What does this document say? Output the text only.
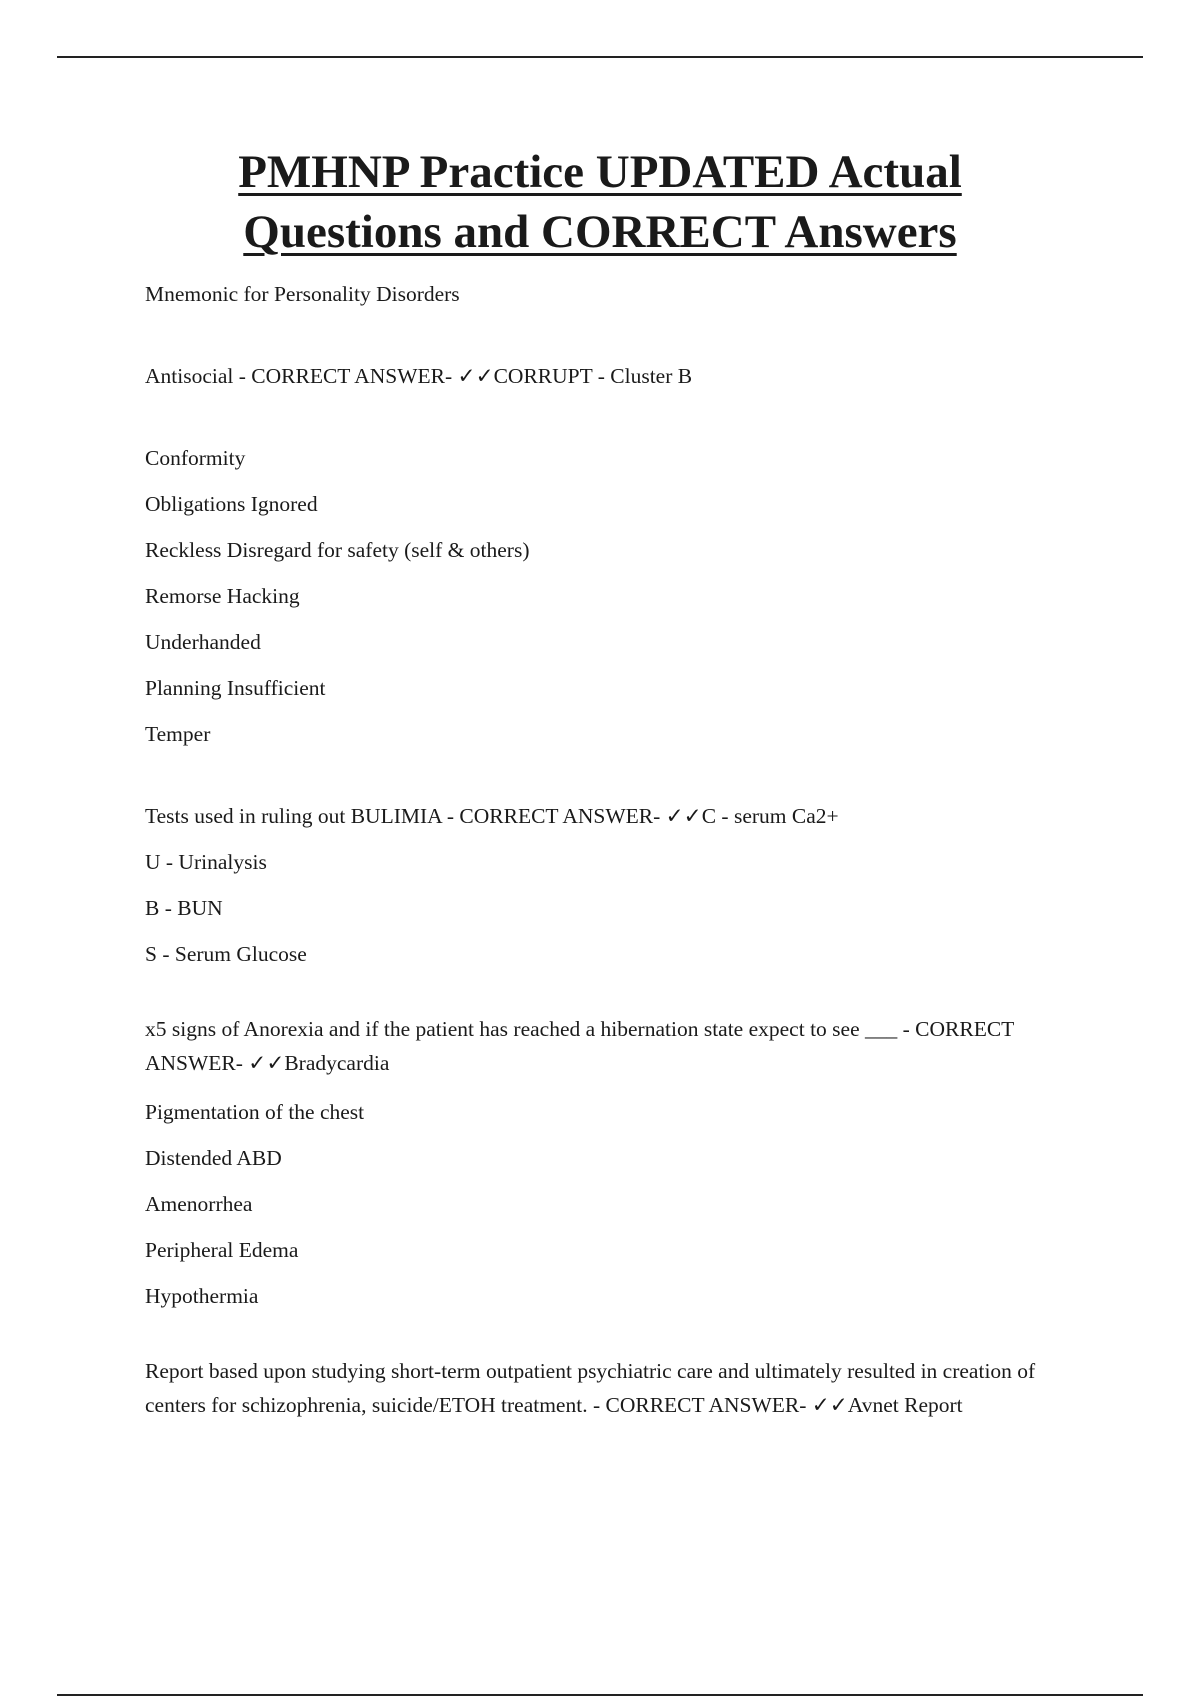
PMHNP Practice UPDATED Actual
Questions and CORRECT Answers

Mnemonic for Personality Disorders

Antisocial - CORRECT ANSWER- ✓✓CORRUPT - Cluster B

Conformity

Obligations Ignored

Reckless Disregard for safety (self & others)

Remorse Hacking

Underhanded

Planning Insufficient

Temper

Tests used in ruling out BULIMIA - CORRECT ANSWER- ✓✓C - serum Ca2+

U - Urinalysis

B - BUN

S - Serum Glucose

x5 signs of Anorexia and if the patient has reached a hibernation state expect to see ___ - CORRECT ANSWER- ✓✓Bradycardia

Pigmentation of the chest

Distended ABD

Amenorrhea

Peripheral Edema

Hypothermia

Report based upon studying short-term outpatient psychiatric care and ultimately resulted in creation of centers for schizophrenia, suicide/ETOH treatment. - CORRECT ANSWER- ✓✓Avnet Report
